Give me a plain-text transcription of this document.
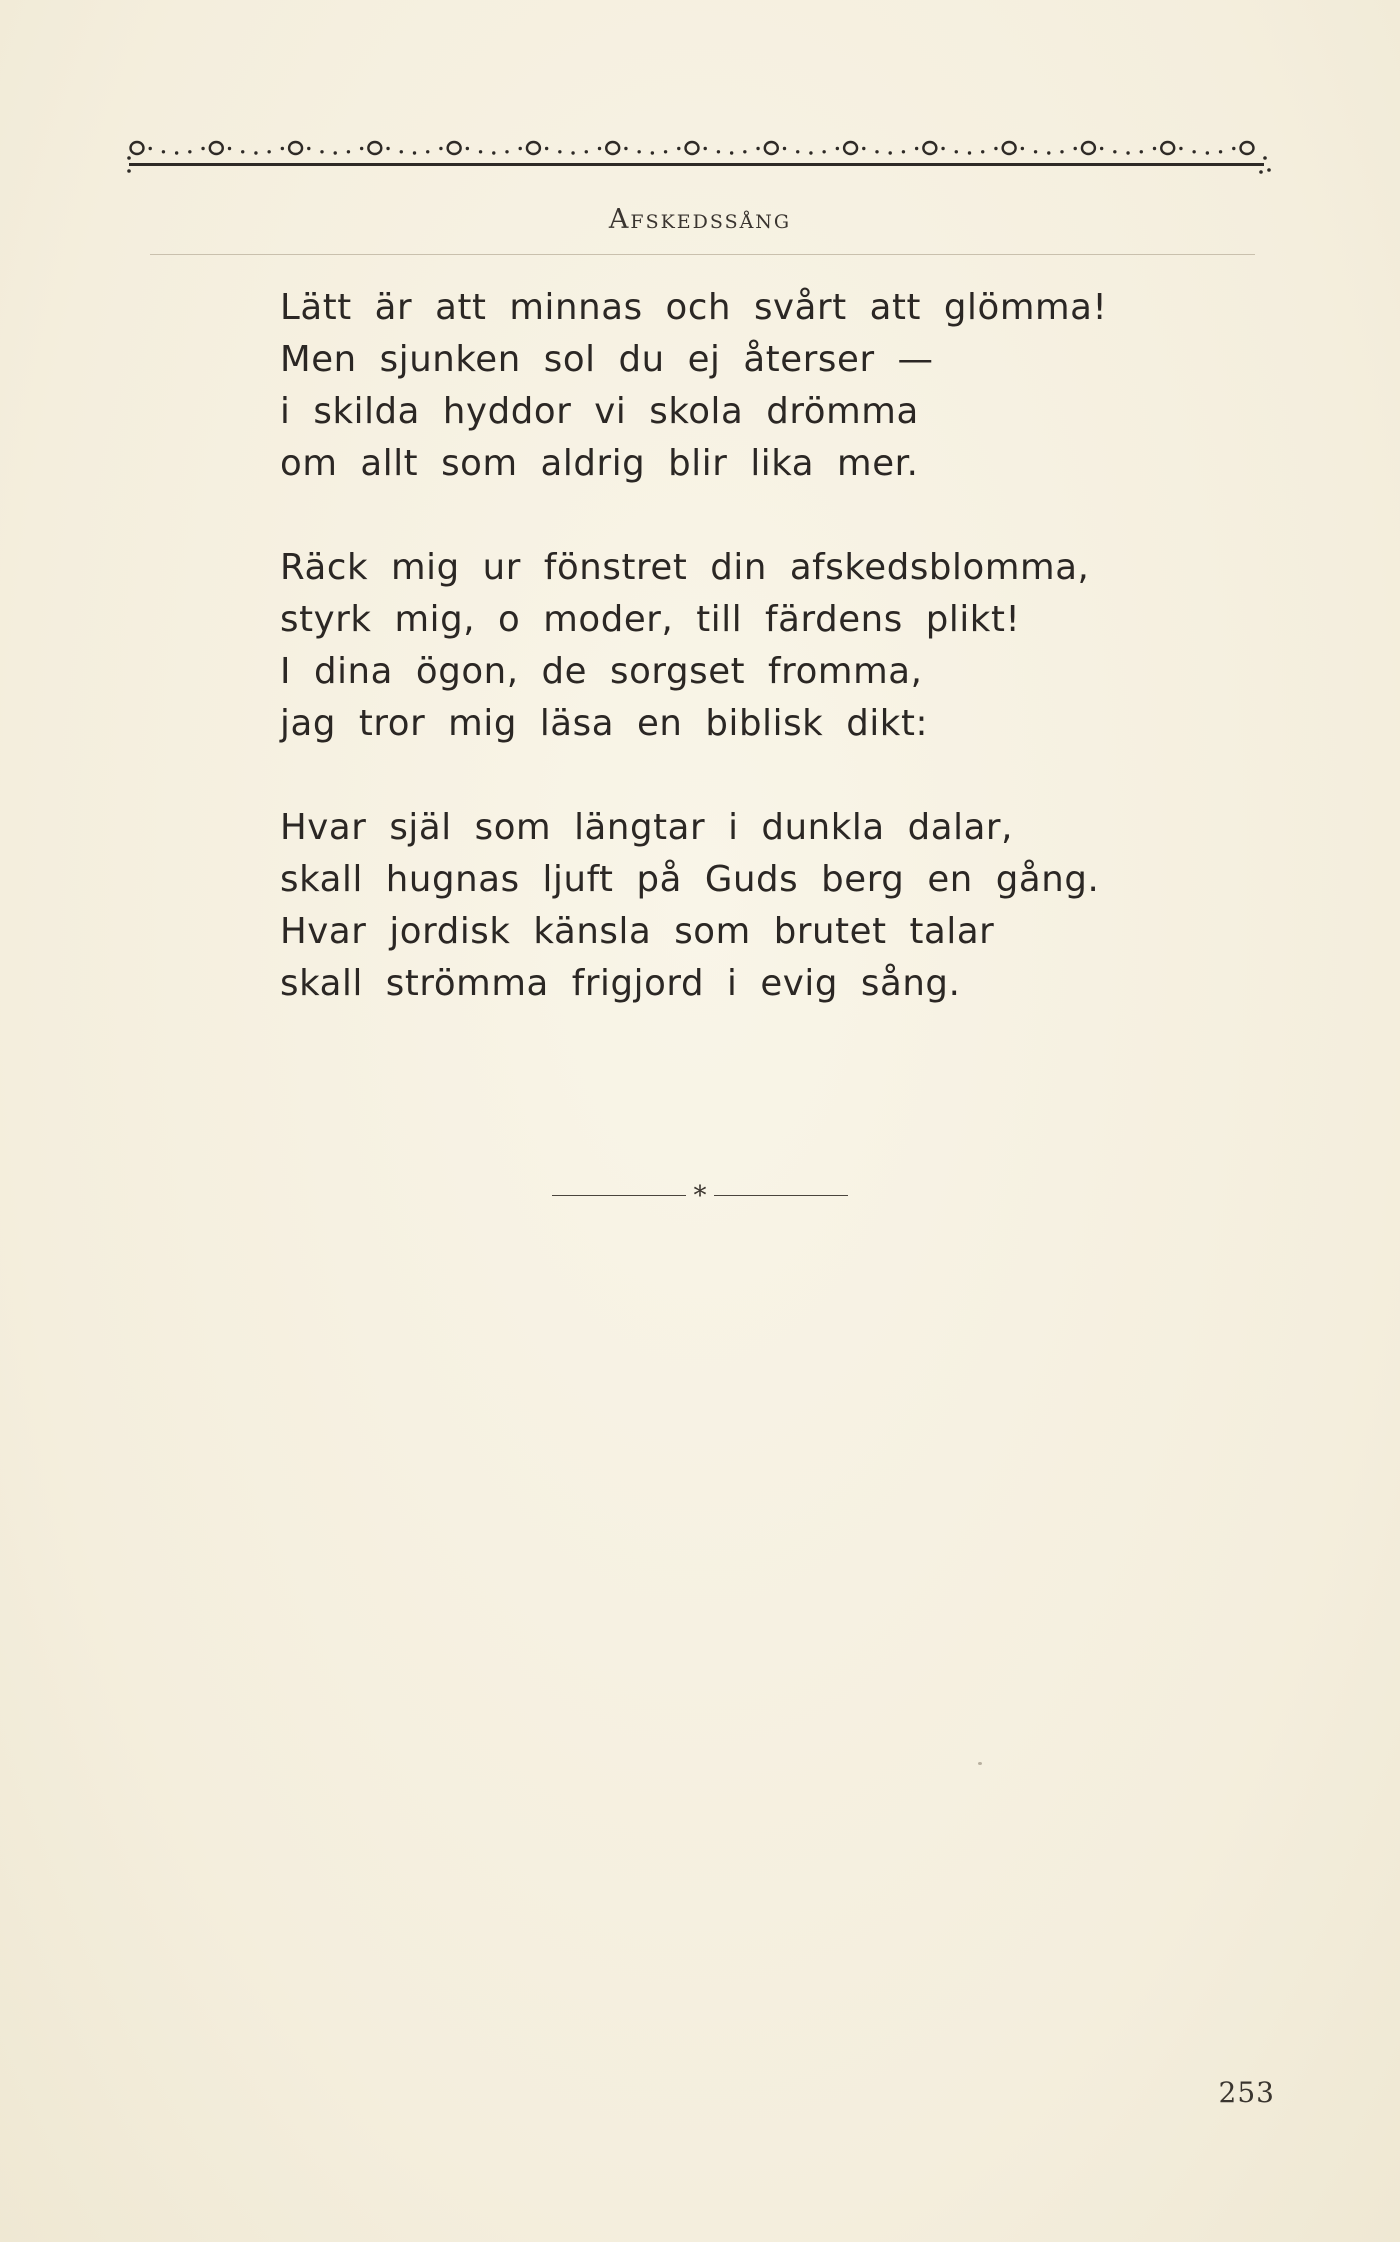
Afskedssång
Lätt är att minnas och svårt att glömma!
Men sjunken sol du ej återser —
i skilda hyddor vi skola drömma
om allt som aldrig blir lika mer.
Räck mig ur fönstret din afskedsblomma,
styrk mig, o moder, till färdens plikt!
I dina ögon, de sorgset fromma,
jag tror mig läsa en biblisk dikt:
Hvar själ som längtar i dunkla dalar,
skall hugnas ljuft på Guds berg en gång.
Hvar jordisk känsla som brutet talar
skall strömma frigjord i evig sång.
*
253
